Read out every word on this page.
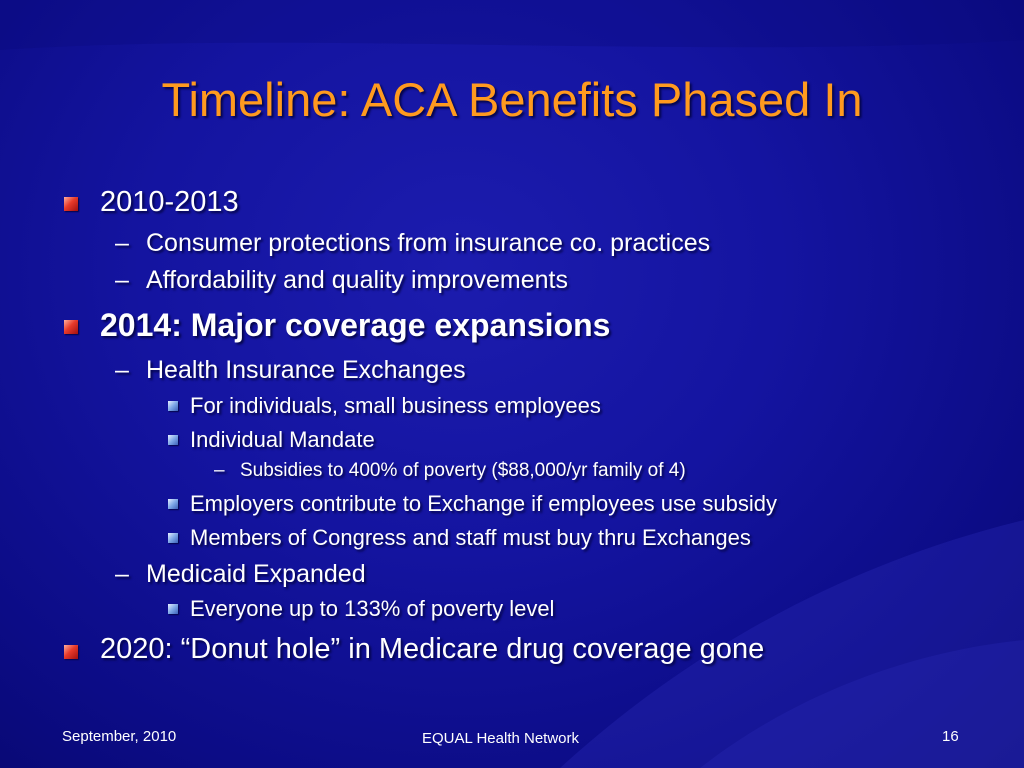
Timeline: ACA Benefits Phased In
2010-2013
– Consumer protections from insurance co. practices
– Affordability and quality improvements
2014: Major coverage expansions
– Health Insurance Exchanges
For individuals, small business employees
Individual Mandate
– Subsidies to 400% of poverty ($88,000/yr family of 4)
Employers contribute to Exchange if employees use subsidy
Members of Congress and staff must buy thru Exchanges
– Medicaid Expanded
Everyone up to 133% of poverty level
2020: “Donut hole” in Medicare drug coverage gone
September, 2010	EQUAL Health Network	16
